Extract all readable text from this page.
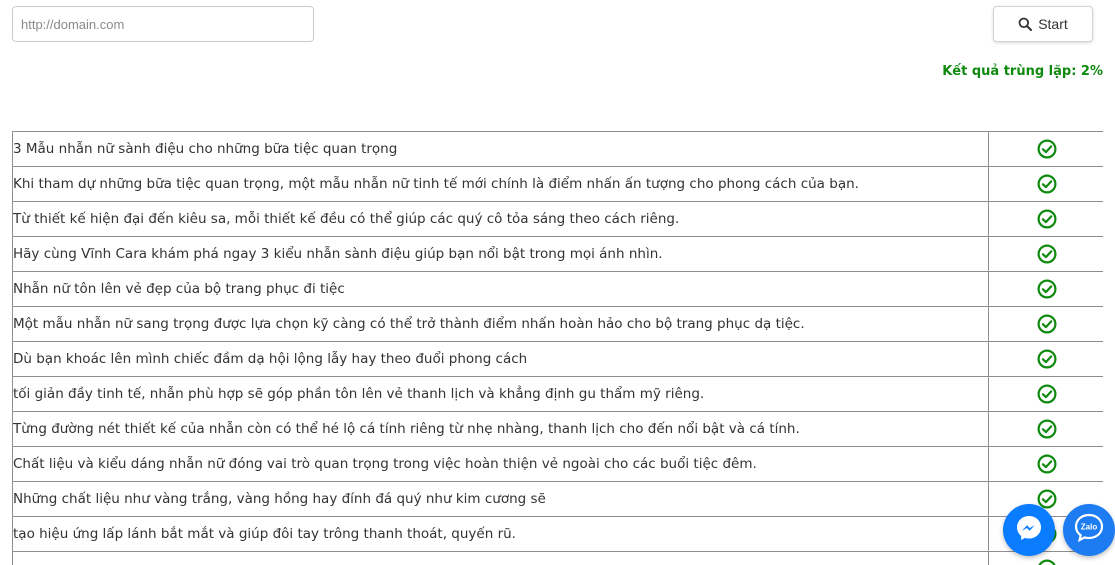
http://domain.com
Start
Kết quả trùng lặp: 2%
3 Mẫu nhẫn nữ sành điệu cho những bữa tiệc quan trọng	
Khi tham dự những bữa tiệc quan trọng, một mẫu nhẫn nữ tinh tế mới chính là điểm nhấn ấn tượng cho phong cách của bạn.	
Từ thiết kế hiện đại đến kiêu sa, mỗi thiết kế đều có thể giúp các quý cô tỏa sáng theo cách riêng.	
Hãy cùng Vĩnh Cara khám phá ngay 3 kiểu nhẫn sành điệu giúp bạn nổi bật trong mọi ánh nhìn.	
Nhẫn nữ tôn lên vẻ đẹp của bộ trang phục đi tiệc	
Một mẫu nhẫn nữ sang trọng được lựa chọn kỹ càng có thể trở thành điểm nhấn hoàn hảo cho bộ trang phục dạ tiệc.	
Dù bạn khoác lên mình chiếc đầm dạ hội lộng lẫy hay theo đuổi phong cách	
tối giản đầy tinh tế, nhẫn phù hợp sẽ góp phần tôn lên vẻ thanh lịch và khẳng định gu thẩm mỹ riêng.	
Từng đường nét thiết kế của nhẫn còn có thể hé lộ cá tính riêng từ nhẹ nhàng, thanh lịch cho đến nổi bật và cá tính.	
Chất liệu và kiểu dáng nhẫn nữ đóng vai trò quan trọng trong việc hoàn thiện vẻ ngoài cho các buổi tiệc đêm.	
Những chất liệu như vàng trắng, vàng hồng hay đính đá quý như kim cương sẽ	
tạo hiệu ứng lấp lánh bắt mắt và giúp đôi tay trông thanh thoát, quyến rũ.	
		Zalo
